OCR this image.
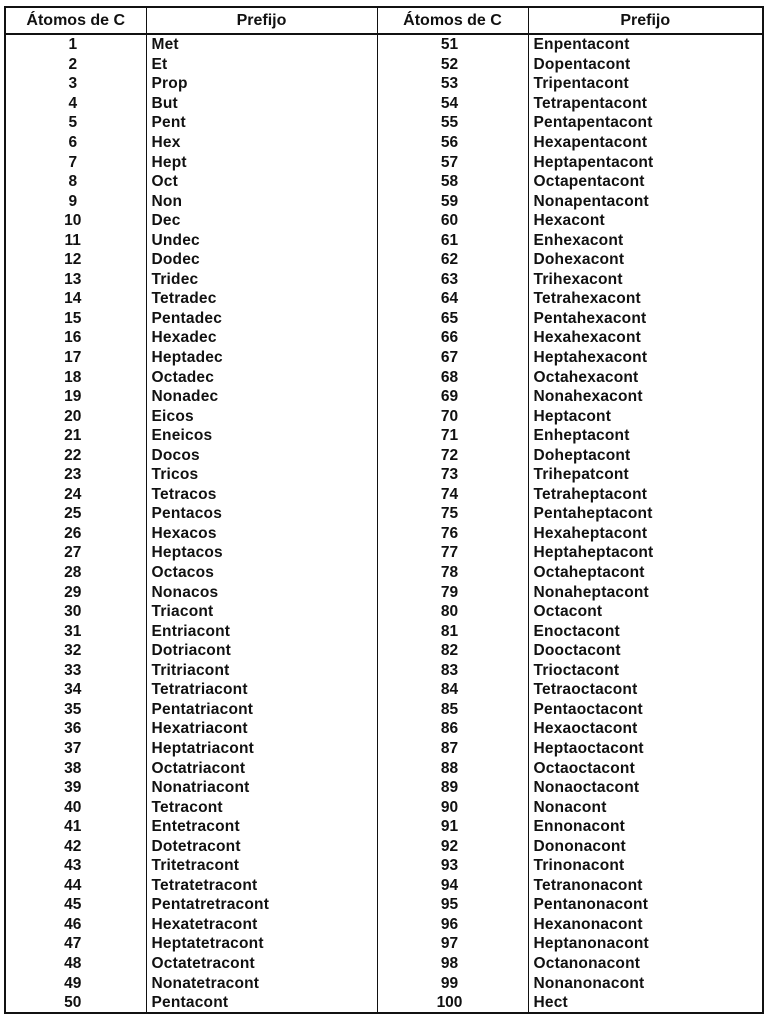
Átomos de C	Prefijo	Átomos de C	Prefijo
1	Met	51	Enpentacont
2	Et	52	Dopentacont
3	Prop	53	Tripentacont
4	But	54	Tetrapentacont
5	Pent	55	Pentapentacont
6	Hex	56	Hexapentacont
7	Hept	57	Heptapentacont
8	Oct	58	Octapentacont
9	Non	59	Nonapentacont
10	Dec	60	Hexacont
11	Undec	61	Enhexacont
12	Dodec	62	Dohexacont
13	Tridec	63	Trihexacont
14	Tetradec	64	Tetrahexacont
15	Pentadec	65	Pentahexacont
16	Hexadec	66	Hexahexacont
17	Heptadec	67	Heptahexacont
18	Octadec	68	Octahexacont
19	Nonadec	69	Nonahexacont
20	Eicos	70	Heptacont
21	Eneicos	71	Enheptacont
22	Docos	72	Doheptacont
23	Tricos	73	Trihepatcont
24	Tetracos	74	Tetraheptacont
25	Pentacos	75	Pentaheptacont
26	Hexacos	76	Hexaheptacont
27	Heptacos	77	Heptaheptacont
28	Octacos	78	Octaheptacont
29	Nonacos	79	Nonaheptacont
30	Triacont	80	Octacont
31	Entriacont	81	Enoctacont
32	Dotriacont	82	Dooctacont
33	Tritriacont	83	Trioctacont
34	Tetratriacont	84	Tetraoctacont
35	Pentatriacont	85	Pentaoctacont
36	Hexatriacont	86	Hexaoctacont
37	Heptatriacont	87	Heptaoctacont
38	Octatriacont	88	Octaoctacont
39	Nonatriacont	89	Nonaoctacont
40	Tetracont	90	Nonacont
41	Entetracont	91	Ennonacont
42	Dotetracont	92	Dononacont
43	Tritetracont	93	Trinonacont
44	Tetratetracont	94	Tetranonacont
45	Pentatretracont	95	Pentanonacont
46	Hexatetracont	96	Hexanonacont
47	Heptatetracont	97	Heptanonacont
48	Octatetracont	98	Octanonacont
49	Nonatetracont	99	Nonanonacont
50	Pentacont	100	Hect
